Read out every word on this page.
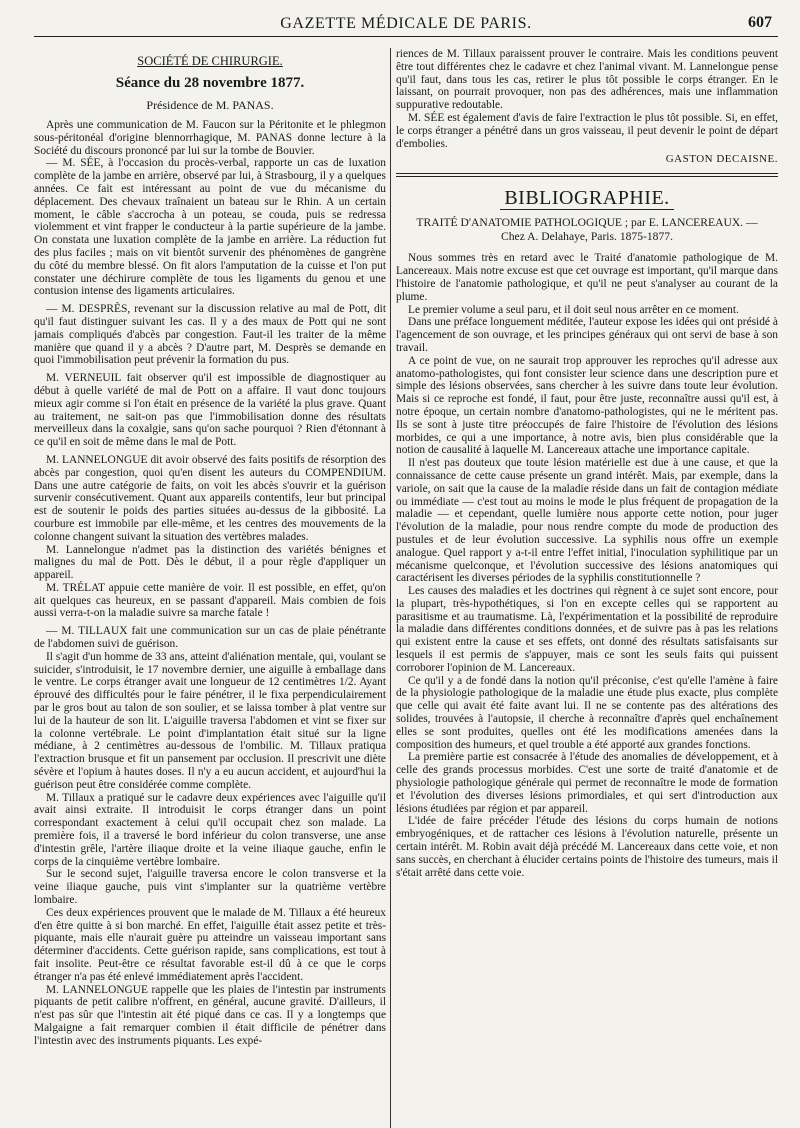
GAZETTE MÉDICALE DE PARIS.	607
SOCIÉTÉ DE CHIRURGIE.
Séance du 28 novembre 1877.
Présidence de M. PANAS.

Après une communication de M. Faucon sur la Péritonite et le phlegmon sous-péritonéal d'origine blennorrhagique, M. PANAS donne lecture à la Société du discours prononcé par lui sur la tombe de Bouvier.

— M. SÉE, à l'occasion du procès-verbal, rapporte un cas de luxation complète de la jambe en arrière, observé par lui, à Strasbourg, il y a quelques années. Ce fait est intéressant au point de vue du mécanisme du déplacement. Des chevaux traînaient un bateau sur le Rhin. A un certain moment, le câble s'accrocha à un poteau, se couda, puis se redressa violemment et vint frapper le conducteur à la partie supérieure de la jambe. On constata une luxation complète de la jambe en arrière. La réduction fut des plus faciles ; mais on vit bientôt survenir des phénomènes de gangrène du côté du membre blessé. On fit alors l'amputation de la cuisse et l'on put constater une déchirure complète de tous les ligaments du genou et une contusion intense des ligaments articulaires.

— M. DESPRÈS, revenant sur la discussion relative au mal de Pott, dit qu'il faut distinguer suivant les cas. Il y a des maux de Pott qui ne sont jamais compliqués d'abcès par congestion. Faut-il les traiter de la même manière que quand il y a abcès ? D'autre part, M. Desprès se demande en quoi l'immobilisation peut prévenir la formation du pus.

M. VERNEUIL fait observer qu'il est impossible de diagnostiquer au début à quelle variété de mal de Pott on a affaire. Il vaut donc toujours mieux agir comme si l'on était en présence de la variété la plus grave. Quant au traitement, ne sait-on pas que l'immobilisation donne des résultats merveilleux dans la coxalgie, sans qu'on sache pourquoi ? Rien d'étonnant à ce qu'il en soit de même dans le mal de Pott.

M. LANNELONGUE dit avoir observé des faits positifs de résorption des abcès par congestion, quoi qu'en disent les auteurs du COMPENDIUM. Dans une autre catégorie de faits, on voit les abcès s'ouvrir et la guérison survenir consécutivement. Quant aux appareils contentifs, leur but principal est de soutenir le poids des parties situées au-dessus de la gibbosité. La courbure est immobile par elle-même, et les centres des mouvements de la colonne changent suivant la situation des vertèbres malades.

M. Lannelongue n'admet pas la distinction des variétés bénignes et malignes du mal de Pott. Dès le début, il a pour règle d'appliquer un appareil.

M. TRÉLAT appuie cette manière de voir. Il est possible, en effet, qu'on ait quelques cas heureux, en se passant d'appareil. Mais combien de fois aussi verra-t-on la maladie suivre sa marche fatale !

— M. TILLAUX fait une communication sur un cas de plaie pénétrante de l'abdomen suivi de guérison.

Il s'agit d'un homme de 33 ans, atteint d'aliénation mentale, qui, voulant se suicider, s'introduisit, le 17 novembre dernier, une aiguille à emballage dans le ventre. Le corps étranger avait une longueur de 12 centimètres 1/2. Ayant éprouvé des difficultés pour le faire pénétrer, il le fixa perpendiculairement par le gros bout au talon de son soulier, et se laissa tomber à plat ventre sur lui de la hauteur de son lit. L'aiguille traversa l'abdomen et vint se fixer sur la colonne vertébrale. Le point d'implantation était situé sur la ligne médiane, à 2 centimètres au-dessous de l'ombilic. M. Tillaux pratiqua l'extraction brusque et fit un pansement par occlusion. Il prescrivit une diète sévère et l'opium à hautes doses. Il n'y a eu aucun accident, et aujourd'hui la guérison peut être considérée comme complète.

M. Tillaux a pratiqué sur le cadavre deux expériences avec l'aiguille qu'il avait ainsi extraite. Il introduisit le corps étranger dans un point correspondant exactement à celui qu'il occupait chez son malade. La première fois, il a traversé le bord inférieur du colon transverse, une anse d'intestin grêle, l'artère iliaque droite et la veine iliaque gauche, enfin le corps de la cinquième vertèbre lombaire.

Sur le second sujet, l'aiguille traversa encore le colon transverse et la veine iliaque gauche, puis vint s'implanter sur la quatrième vertèbre lombaire.

Ces deux expériences prouvent que le malade de M. Tillaux a été heureux d'en être quitte à si bon marché. En effet, l'aiguille était assez petite et très-piquante, mais elle n'aurait guère pu atteindre un vaisseau important sans déterminer d'accidents. Cette guérison rapide, sans complications, est tout à fait insolite. Peut-être ce résultat favorable est-il dû à ce que le corps étranger n'a pas été enlevé immédiatement après l'accident.

M. LANNELONGUE rappelle que les plaies de l'intestin par instruments piquants de petit calibre n'offrent, en général, aucune gravité. D'ailleurs, il n'est pas sûr que l'intestin ait été piqué dans ce cas. Il y a longtemps que Malgaigne a fait remarquer combien il était difficile de pénétrer dans l'intestin avec des instruments piquants. Les expé-

riences de M. Tillaux paraissent prouver le contraire. Mais les conditions peuvent être tout différentes chez le cadavre et chez l'animal vivant. M. Lannelongue pense qu'il faut, dans tous les cas, retirer le plus tôt possible le corps étranger. En le laissant, on pourrait provoquer, non pas des adhérences, mais une inflammation suppurative redoutable.

M. SÉE est également d'avis de faire l'extraction le plus tôt possible. Si, en effet, le corps étranger a pénétré dans un gros vaisseau, il peut devenir le point de départ d'embolies.

GASTON DECAISNE.
BIBLIOGRAPHIE.
TRAITÉ D'ANATOMIE PATHOLOGIQUE ; par E. LANCEREAUX. —
Chez A. Delahaye, Paris. 1875-1877.

Nous sommes très en retard avec le Traité d'anatomie pathologique de M. Lancereaux. Mais notre excuse est que cet ouvrage est important, qu'il marque dans l'histoire de l'anatomie pathologique, et qu'il ne peut s'analyser au courant de la plume.

Le premier volume a seul paru, et il doit seul nous arrêter en ce moment.

Dans une préface longuement méditée, l'auteur expose les idées qui ont présidé à l'agencement de son ouvrage, et les principes généraux qui ont servi de base à son travail.

A ce point de vue, on ne saurait trop approuver les reproches qu'il adresse aux anatomo-pathologistes, qui font consister leur science dans une description pure et simple des lésions observées, sans chercher à les suivre dans toute leur évolution. Mais si ce reproche est fondé, il faut, pour être juste, reconnaître aussi qu'il est, à notre époque, un certain nombre d'anatomo-pathologistes, qui ne le méritent pas. Ils se sont à juste titre préoccupés de faire l'histoire de l'évolution des lésions morbides, ce qui a une importance, à notre avis, bien plus considérable que la notion de causalité à laquelle M. Lancereaux attache une importance capitale.

Il n'est pas douteux que toute lésion matérielle est due à une cause, et que la connaissance de cette cause présente un grand intérêt. Mais, par exemple, dans la variole, on sait que la cause de la maladie réside dans un fait de contagion médiate ou immédiate — c'est tout au moins le mode le plus fréquent de propagation de la maladie — et cependant, quelle lumière nous apporte cette notion, pour juger l'évolution de la maladie, pour nous rendre compte du mode de production des pustules et de leur évolution successive. La syphilis nous offre un exemple analogue. Quel rapport y a-t-il entre l'effet initial, l'inoculation syphilitique par un mécanisme quelconque, et l'évolution successive des lésions anatomiques qui caractérisent les diverses périodes de la syphilis constitutionnelle ?

Les causes des maladies et les doctrines qui règnent à ce sujet sont encore, pour la plupart, très-hypothétiques, si l'on en excepte celles qui se rapportent au parasitisme et au traumatisme. Là, l'expérimentation et la possibilité de reproduire la maladie dans différentes conditions données, et de suivre pas à pas les relations qui existent entre la cause et ses effets, ont donné des résultats satisfaisants sur lesquels il est permis de s'appuyer, mais ce sont les seuls faits qui puissent corroborer l'opinion de M. Lancereaux.

Ce qu'il y a de fondé dans la notion qu'il préconise, c'est qu'elle l'amène à faire de la physiologie pathologique de la maladie une étude plus exacte, plus complète que celle qui avait été faite avant lui. Il ne se contente pas des altérations des solides, trouvées à l'autopsie, il cherche à reconnaître d'après quel enchaînement elles se sont produites, quelles ont été les modifications amenées dans la composition des humeurs, et quel trouble a été apporté aux grandes fonctions.

La première partie est consacrée à l'étude des anomalies de développement, et à celle des grands processus morbides. C'est une sorte de traité d'anatomie et de physiologie pathologique générale qui permet de reconnaître le mode de formation et l'évolution des diverses lésions primordiales, et qui sert d'introduction aux lésions étudiées par région et par appareil.

L'idée de faire précéder l'étude des lésions du corps humain de notions embryogéniques, et de rattacher ces lésions à l'évolution naturelle, présente un certain intérêt. M. Robin avait déjà précédé M. Lancereaux dans cette voie, et non sans succès, en cherchant à élucider certains points de l'histoire des tumeurs, mais il s'était arrêté dans cette voie.
